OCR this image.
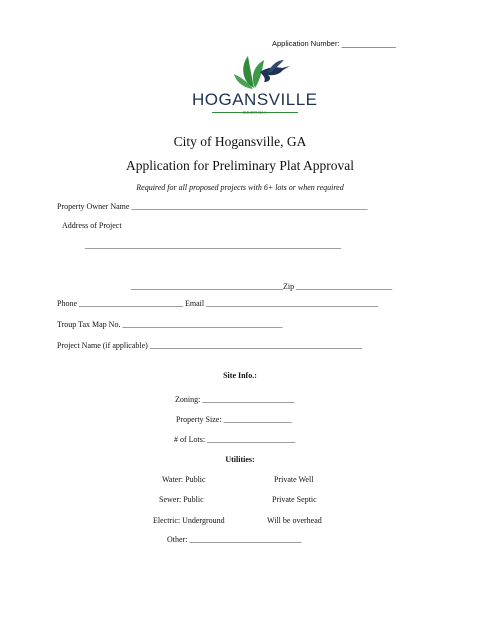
Application Number: _____________
HOGANSVILLE
GEORGIA
City of Hogansville, GA
Application for Preliminary Plat Approval
Required for all proposed projects with 6+ lots or when required
Property Owner Name ___________________________________________________________
Address of Project
________________________________________________________________
______________________________________Zip ________________________
Phone __________________________ Email ___________________________________________
Troup Tax Map No. ________________________________________
Project Name (if applicable) _____________________________________________________
Site Info.:
Zoning: _______________________
Property Size: _________________
# of Lots: ______________________
Utilities:
Water: Public	Private Well
Sewer: Public	Private Septic
Electric: Underground	Will be overhead
Other: ____________________________
